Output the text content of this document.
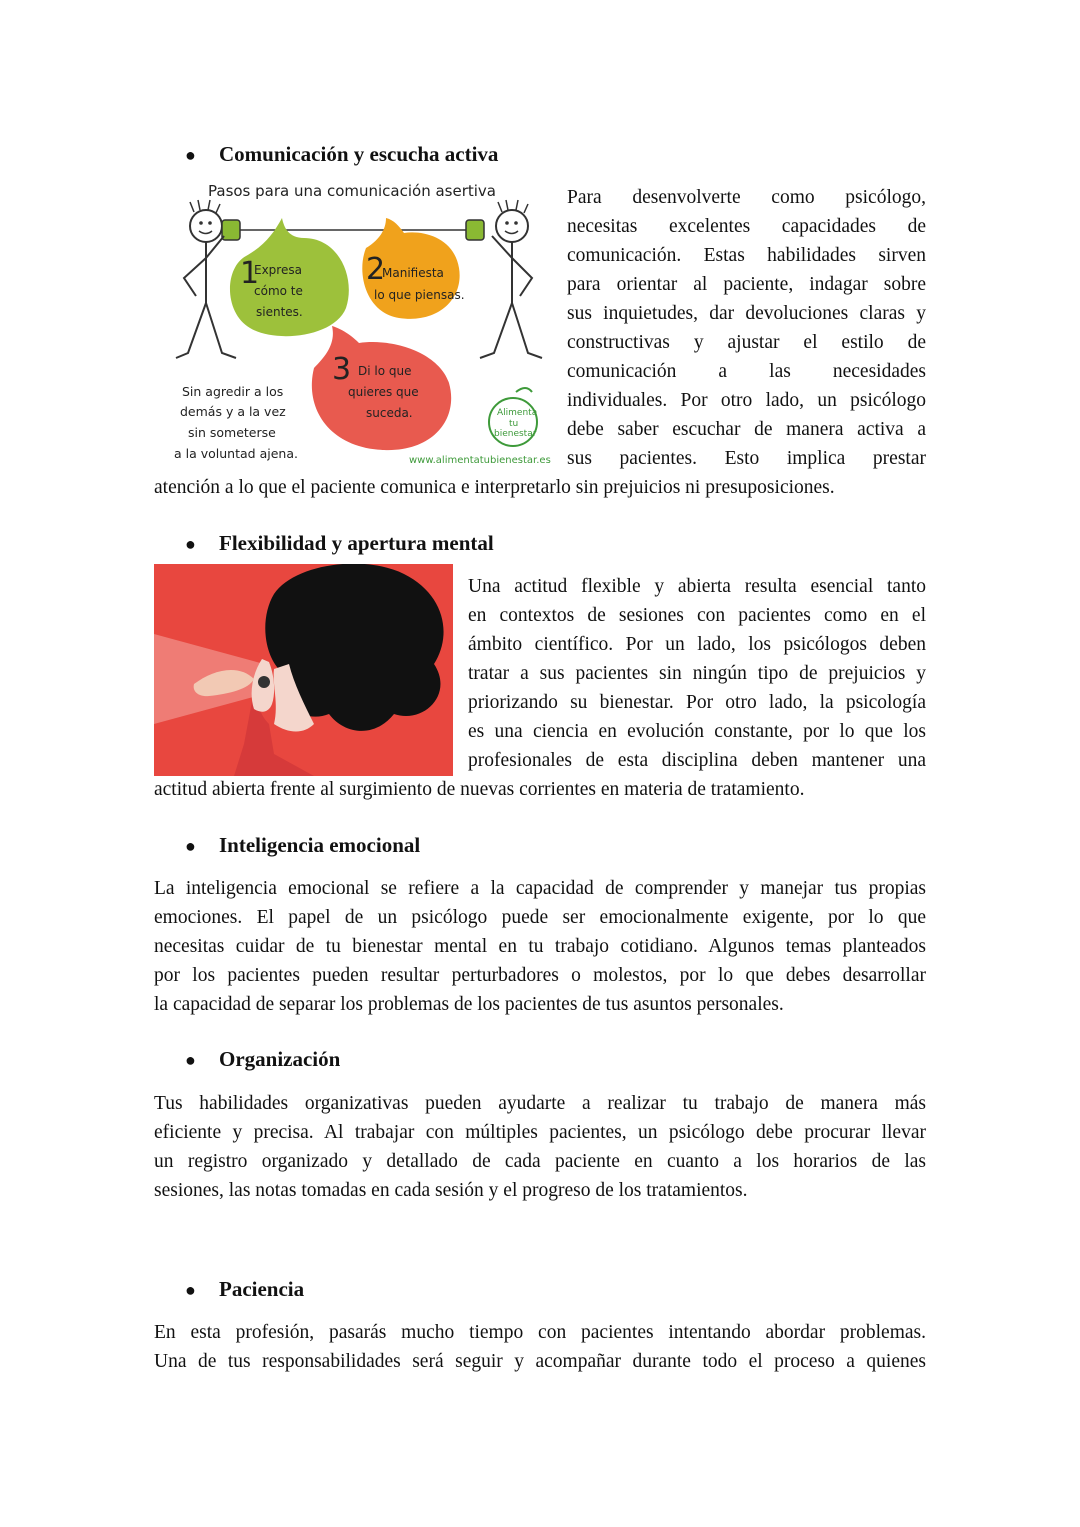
● Comunicación y escucha activa
Pasos para una comunicación asertiva
1
Expresa
cómo te
sientes.
2
Manifiesta
lo que piensas.
3 Di lo que
quieres que
suceda.
Sin agredir a los
demás y a la vez
sin someterse
a la voluntad ajena.
Alimenta
tu
bienestar
www.alimentatubienestar.es
Para desenvolverte como psicólogo,
necesitas excelentes capacidades de
comunicación. Estas habilidades sirven
para orientar al paciente, indagar sobre
sus inquietudes, dar devoluciones claras y
constructivas y ajustar el estilo de
comunicación a las necesidades
individuales. Por otro lado, un psicólogo
debe saber escuchar de manera activa a
sus pacientes. Esto implica prestar
atención a lo que el paciente comunica e interpretarlo sin prejuicios ni presuposiciones.
● Flexibilidad y apertura mental
Una actitud flexible y abierta resulta esencial tanto
en contextos de sesiones con pacientes como en el
ámbito científico. Por un lado, los psicólogos deben
tratar a sus pacientes sin ningún tipo de prejuicios y
priorizando su bienestar. Por otro lado, la psicología
es una ciencia en evolución constante, por lo que los
profesionales de esta disciplina deben mantener una
actitud abierta frente al surgimiento de nuevas corrientes en materia de tratamiento.
● Inteligencia emocional
La inteligencia emocional se refiere a la capacidad de comprender y manejar tus propias
emociones. El papel de un psicólogo puede ser emocionalmente exigente, por lo que
necesitas cuidar de tu bienestar mental en tu trabajo cotidiano. Algunos temas planteados
por los pacientes pueden resultar perturbadores o molestos, por lo que debes desarrollar
la capacidad de separar los problemas de los pacientes de tus asuntos personales.
● Organización
Tus habilidades organizativas pueden ayudarte a realizar tu trabajo de manera más
eficiente y precisa. Al trabajar con múltiples pacientes, un psicólogo debe procurar llevar
un registro organizado y detallado de cada paciente en cuanto a los horarios de las
sesiones, las notas tomadas en cada sesión y el progreso de los tratamientos.
● Paciencia
En esta profesión, pasarás mucho tiempo con pacientes intentando abordar problemas.
Una de tus responsabilidades será seguir y acompañar durante todo el proceso a quienes
